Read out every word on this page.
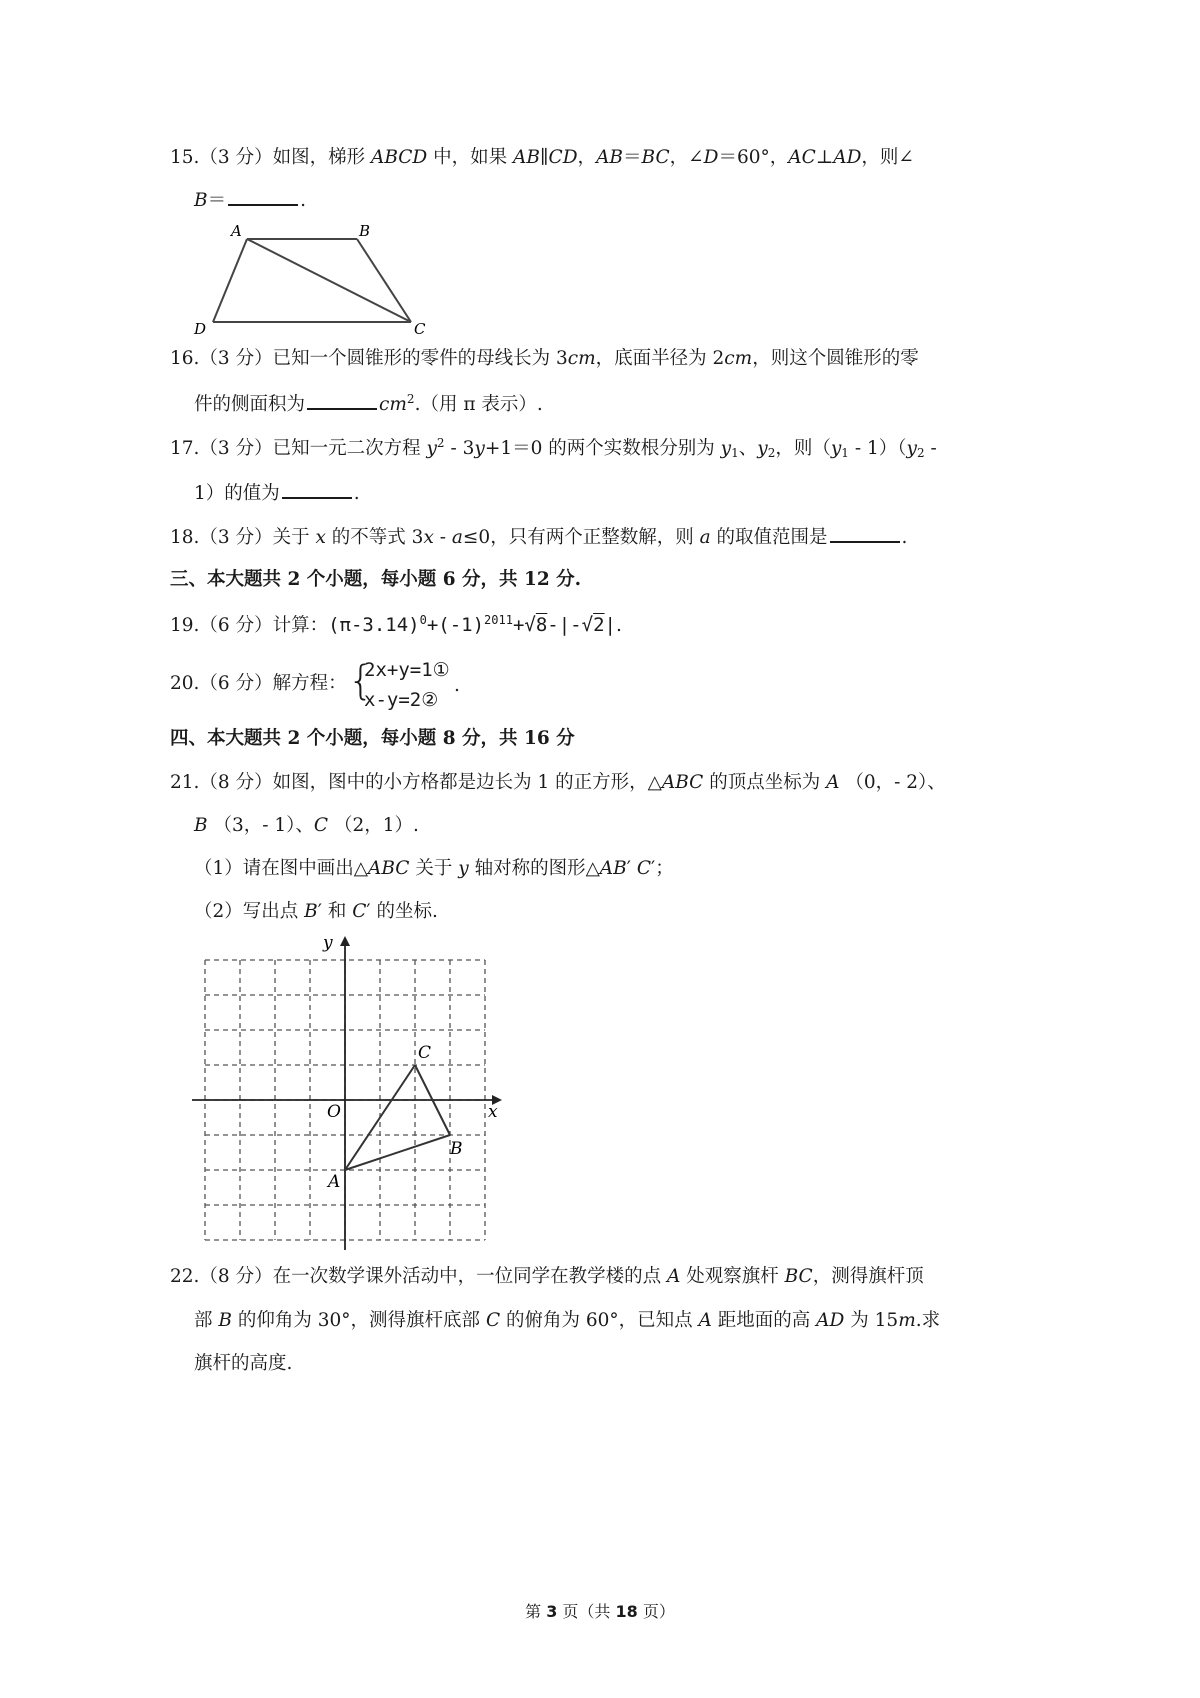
15.（3 分）如图，梯形 ABCD 中，如果 AB∥CD，AB＝BC，∠D＝60°，AC⊥AD，则∠
B＝	.
A	B
C
D
16.（3 分）已知一个圆锥形的零件的母线长为 3cm，底面半径为 2cm，则这个圆锥形的零
件的侧面积为	$cm^2$.（用 π 表示）.
17.（3 分）已知一元二次方程 $y^2 - 3y+1=0$ 的两个实数根分别为 $y_1$、$y_2$，则$(y_1 - 1)(y_2$ -
1）的值为	.
18.（3 分）关于 x 的不等式 3x - a≤0，只有两个正整数解，则 a 的取值范围是	.
三、本大题共 2 个小题，每小题 6 分，共 12 分.
19.（6 分）计算：$(\pi-3.14)^0+(-1)^{2011}+√8-|-√2|$.
20.（6 分）解方程： {
2x+y=1①
x-y=2②
.
四、本大题共 2 个小题，每小题 8 分，共 16 分
21.（8 分）如图，图中的小方格都是边长为 1 的正方形，△ABC 的顶点坐标为 A （0，- 2）、
B （3，- 1）、C （2，1）.
（1）请在图中画出△ABC 关于 y 轴对称的图形△AB′ C′；
（2）写出点 B′ 和 C′ 的坐标.
y
x
O
A
B
C
22.（8 分）在一次数学课外活动中，一位同学在教学楼的点 A 处观察旗杆 BC，测得旗杆顶
部 B 的仰角为 30°，测得旗杆底部 C 的俯角为 60°，已知点 A 距地面的高 AD 为 15m.求
旗杆的高度.
第 3 页（共 18 页）
